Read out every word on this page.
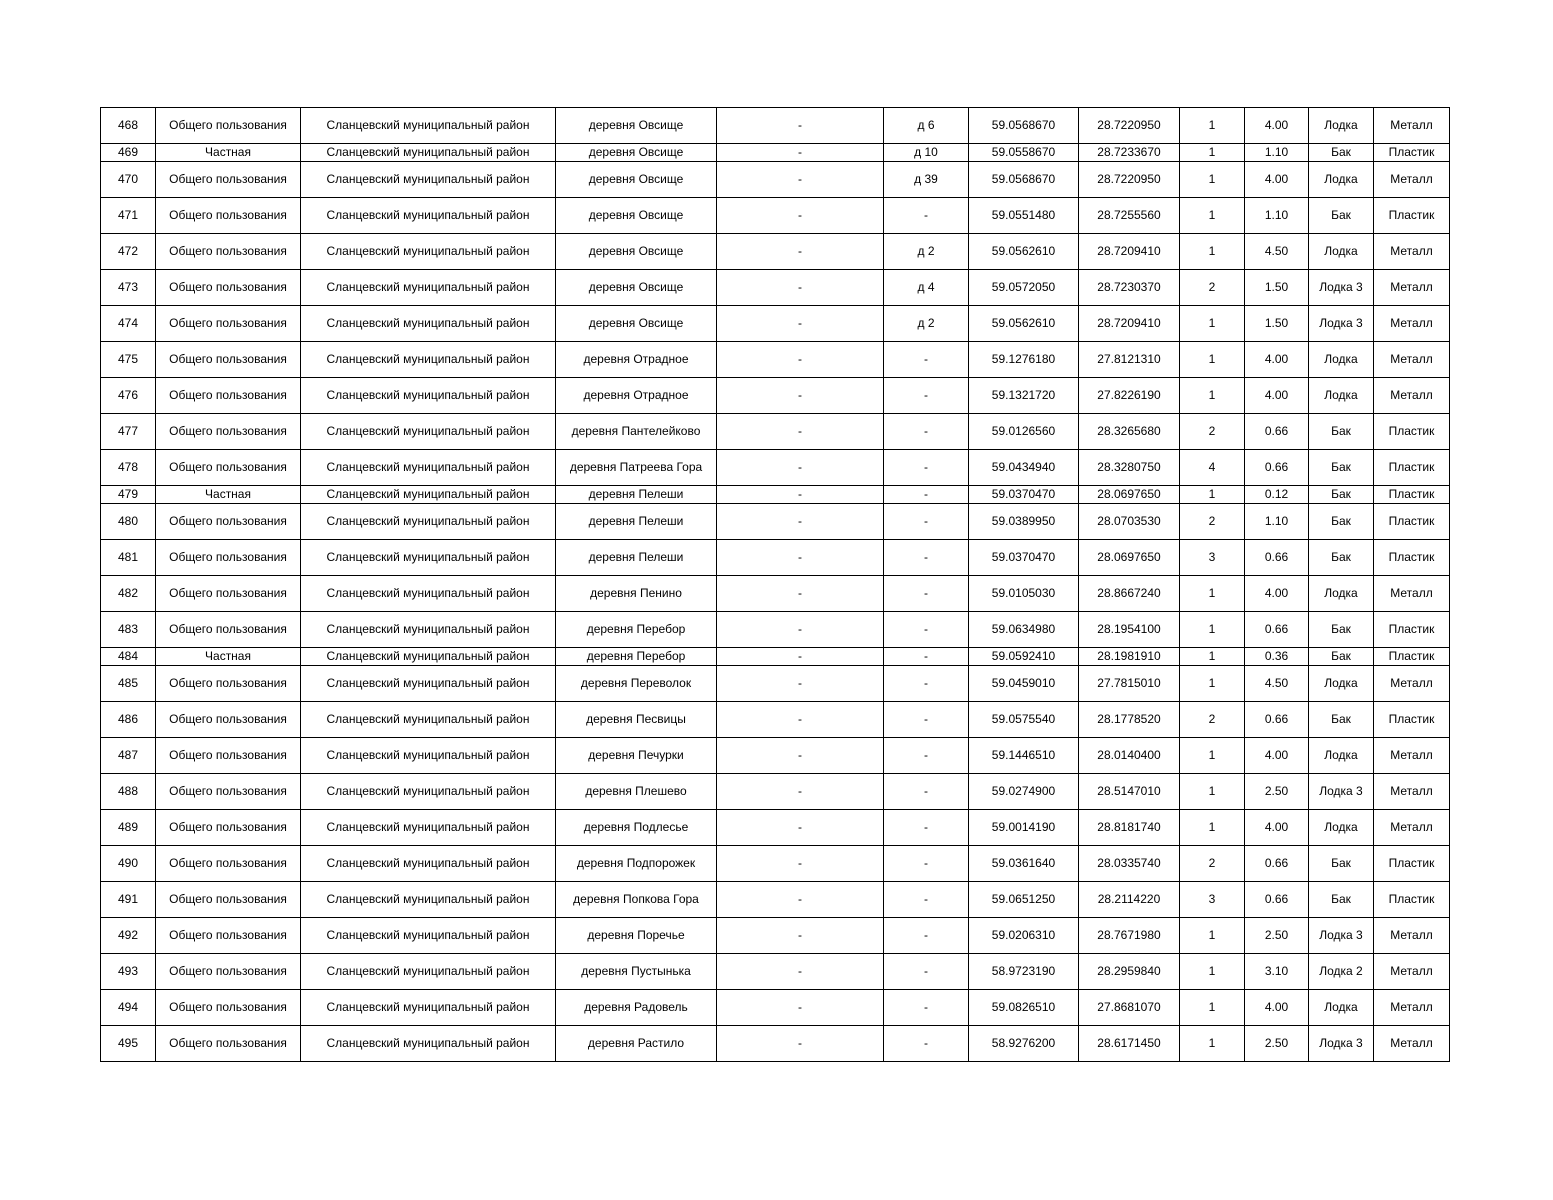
468	Общего пользования	Сланцевский муниципальный район	деревня Овсище	-	д 6	59.0568670	28.7220950	1	4.00	Лодка	Металл
469	Частная	Сланцевский муниципальный район	деревня Овсище	-	д 10	59.0558670	28.7233670	1	1.10	Бак	Пластик
470	Общего пользования	Сланцевский муниципальный район	деревня Овсище	-	д 39	59.0568670	28.7220950	1	4.00	Лодка	Металл
471	Общего пользования	Сланцевский муниципальный район	деревня Овсище	-	-	59.0551480	28.7255560	1	1.10	Бак	Пластик
472	Общего пользования	Сланцевский муниципальный район	деревня Овсище	-	д 2	59.0562610	28.7209410	1	4.50	Лодка	Металл
473	Общего пользования	Сланцевский муниципальный район	деревня Овсище	-	д 4	59.0572050	28.7230370	2	1.50	Лодка 3	Металл
474	Общего пользования	Сланцевский муниципальный район	деревня Овсище	-	д 2	59.0562610	28.7209410	1	1.50	Лодка 3	Металл
475	Общего пользования	Сланцевский муниципальный район	деревня Отрадное	-	-	59.1276180	27.8121310	1	4.00	Лодка	Металл
476	Общего пользования	Сланцевский муниципальный район	деревня Отрадное	-	-	59.1321720	27.8226190	1	4.00	Лодка	Металл
477	Общего пользования	Сланцевский муниципальный район	деревня Пантелейково	-	-	59.0126560	28.3265680	2	0.66	Бак	Пластик
478	Общего пользования	Сланцевский муниципальный район	деревня Патреева Гора	-	-	59.0434940	28.3280750	4	0.66	Бак	Пластик
479	Частная	Сланцевский муниципальный район	деревня Пелеши	-	-	59.0370470	28.0697650	1	0.12	Бак	Пластик
480	Общего пользования	Сланцевский муниципальный район	деревня Пелеши	-	-	59.0389950	28.0703530	2	1.10	Бак	Пластик
481	Общего пользования	Сланцевский муниципальный район	деревня Пелеши	-	-	59.0370470	28.0697650	3	0.66	Бак	Пластик
482	Общего пользования	Сланцевский муниципальный район	деревня Пенино	-	-	59.0105030	28.8667240	1	4.00	Лодка	Металл
483	Общего пользования	Сланцевский муниципальный район	деревня Перебор	-	-	59.0634980	28.1954100	1	0.66	Бак	Пластик
484	Частная	Сланцевский муниципальный район	деревня Перебор	-	-	59.0592410	28.1981910	1	0.36	Бак	Пластик
485	Общего пользования	Сланцевский муниципальный район	деревня Переволок	-	-	59.0459010	27.7815010	1	4.50	Лодка	Металл
486	Общего пользования	Сланцевский муниципальный район	деревня Песвицы	-	-	59.0575540	28.1778520	2	0.66	Бак	Пластик
487	Общего пользования	Сланцевский муниципальный район	деревня Печурки	-	-	59.1446510	28.0140400	1	4.00	Лодка	Металл
488	Общего пользования	Сланцевский муниципальный район	деревня Плешево	-	-	59.0274900	28.5147010	1	2.50	Лодка 3	Металл
489	Общего пользования	Сланцевский муниципальный район	деревня Подлесье	-	-	59.0014190	28.8181740	1	4.00	Лодка	Металл
490	Общего пользования	Сланцевский муниципальный район	деревня Подпорожек	-	-	59.0361640	28.0335740	2	0.66	Бак	Пластик
491	Общего пользования	Сланцевский муниципальный район	деревня Попкова Гора	-	-	59.0651250	28.2114220	3	0.66	Бак	Пластик
492	Общего пользования	Сланцевский муниципальный район	деревня Поречье	-	-	59.0206310	28.7671980	1	2.50	Лодка 3	Металл
493	Общего пользования	Сланцевский муниципальный район	деревня Пустынька	-	-	58.9723190	28.2959840	1	3.10	Лодка 2	Металл
494	Общего пользования	Сланцевский муниципальный район	деревня Радовель	-	-	59.0826510	27.8681070	1	4.00	Лодка	Металл
495	Общего пользования	Сланцевский муниципальный район	деревня Растило	-	-	58.9276200	28.6171450	1	2.50	Лодка 3	Металл
